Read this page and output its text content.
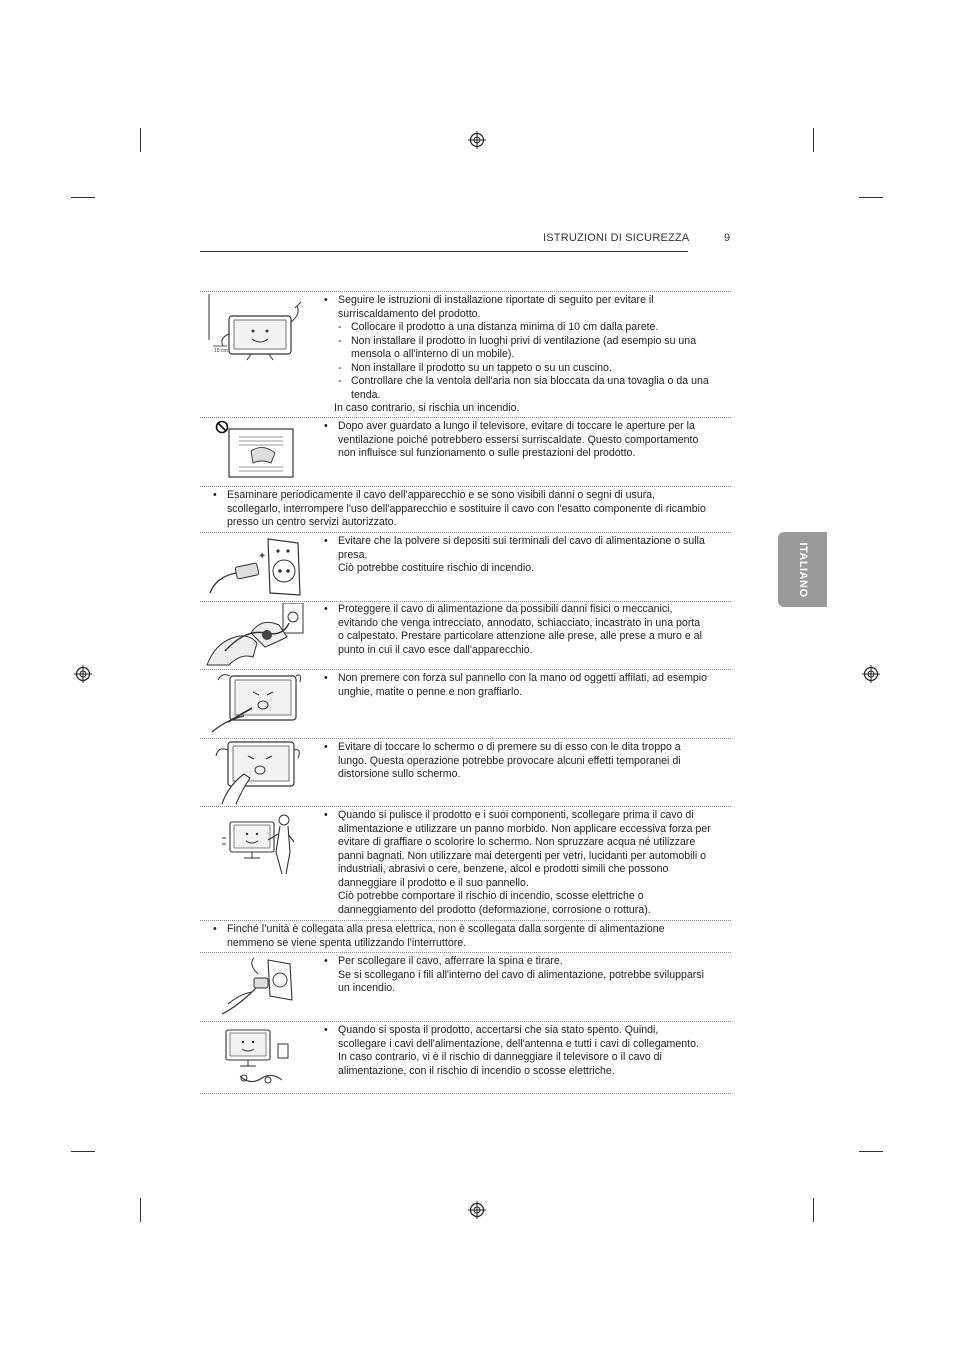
ISTRUZIONI DI SICUREZZA	9
ITALIANO
10 cm
• Seguire le istruzioni di installazione riportate di seguito per evitare il surriscaldamento del prodotto.
- Collocare il prodotto a una distanza minima di 10 cm dalla parete.
- Non installare il prodotto in luoghi privi di ventilazione (ad esempio su una mensola o all'interno di un mobile).
- Non installare il prodotto su un tappeto o su un cuscino.
- Controllare che la ventola dell'aria non sia bloccata da una tovaglia o da una tenda.
In caso contrario, si rischia un incendio.
• Dopo aver guardato a lungo il televisore, evitare di toccare le aperture per la ventilazione poiché potrebbero essersi surriscaldate. Questo comportamento non influisce sul funzionamento o sulle prestazioni del prodotto.
• Esaminare periodicamente il cavo dell’apparecchio e se sono visibili danni o segni di usura, scollegarlo, interrompere l'uso dell'apparecchio e sostituire il cavo con l'esatto componente di ricambio presso un centro servizi autorizzato.
✦
• Evitare che la polvere si depositi sui terminali del cavo di alimentazione o sulla presa.
Ciò potrebbe costituire rischio di incendio.
• Proteggere il cavo di alimentazione da possibili danni fisici o meccanici, evitando che venga intrecciato, annodato, schiacciato, incastrato in una porta o calpestato. Prestare particolare attenzione alle prese, alle prese a muro e al punto in cui il cavo esce dall'apparecchio.
• Non premere con forza sul pannello con la mano od oggetti affilati, ad esempio unghie, matite o penne e non graffiarlo.
• Evitare di toccare lo schermo o di premere su di esso con le dita troppo a lungo. Questa operazione potrebbe provocare alcuni effetti temporanei di distorsione sullo schermo.
• Quando si pulisce il prodotto e i suoi componenti, scollegare prima il cavo di alimentazione e utilizzare un panno morbido. Non applicare eccessiva forza per evitare di graffiare o scolorire lo schermo. Non spruzzare acqua né utilizzare panni bagnati. Non utilizzare mai detergenti per vetri, lucidanti per automobili o industriali, abrasivi o cere, benzene, alcol e prodotti simili che possono danneggiare il prodotto e il suo pannello.
Ciò potrebbe comportare il rischio di incendio, scosse elettriche o danneggiamento del prodotto (deformazione, corrosione o rottura).
• Finché l’unità è collegata alla presa elettrica, non è scollegata dalla sorgente di alimentazione nemmeno se viene spenta utilizzando l’interruttore.
• Per scollegare il cavo, afferrare la spina e tirare.
Se si scollegano i fili all'interno del cavo di alimentazione, potrebbe svilupparsi un incendio.
• Quando si sposta il prodotto, accertarsi che sia stato spento. Quindi, scollegare i cavi dell'alimentazione, dell'antenna e tutti i cavi di collegamento.
In caso contrario, vi è il rischio di danneggiare il televisore o il cavo di alimentazione, con il rischio di incendio o scosse elettriche.
